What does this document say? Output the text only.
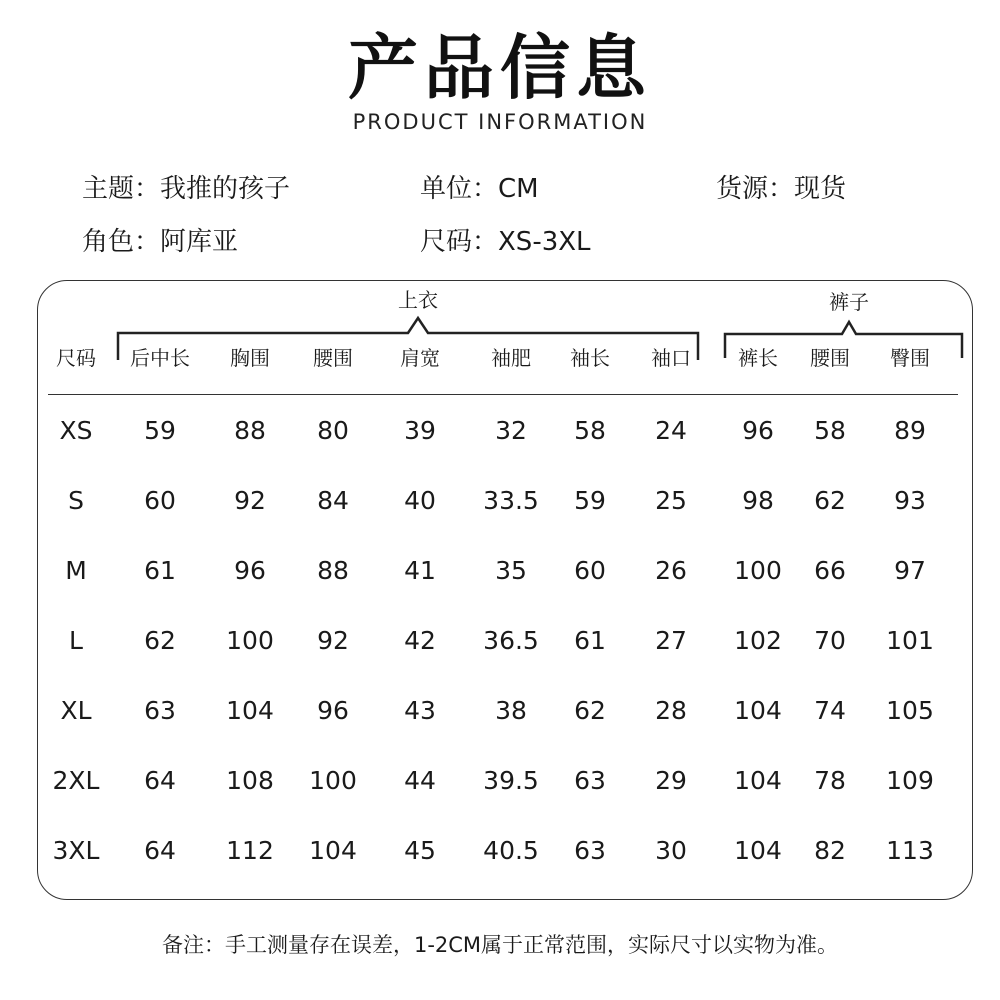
产品信息
PRODUCT INFORMATION
主题：我推的孩子	单位：CM	货源：现货
角色：阿库亚	尺码：XS-3XL
上衣	裤子
尺码 后中长 胸围 腰围 肩宽	袖肥 袖长 袖口 裤长 腰围 臀围
XS 59 88 80 39 32 58 24 96 58 89
S 60 92 84 40 33.5 59 25 98 62 93
M 61 96 88 41 35 60 26 100 66 97
L 62 100 92 42 36.5 61 27 102 70 101
XL 63 104 96 43 38 62 28 104 74 105
2XL 64 108 100 44 39.5 63 29 104 78 109
3XL 64 112 104 45 40.5 63 30 104 82 113
备注：手工测量存在误差，1-2CM属于正常范围，实际尺寸以实物为准。
